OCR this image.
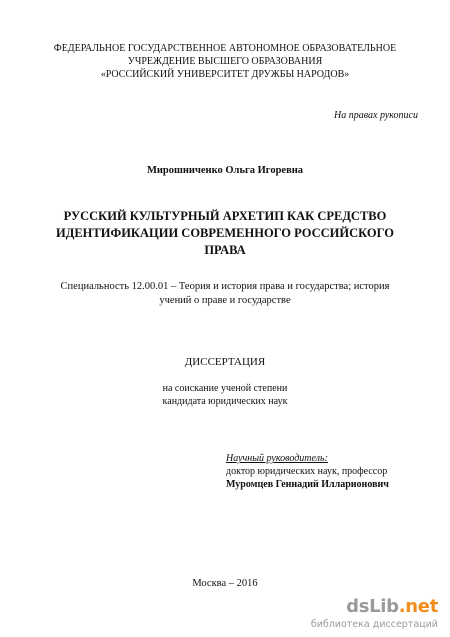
ФЕДЕРАЛЬНОЕ ГОСУДАРСТВЕННОЕ АВТОНОМНОЕ ОБРАЗОВАТЕЛЬНОЕ
УЧРЕЖДЕНИЕ ВЫСШЕГО ОБРАЗОВАНИЯ
«РОССИЙСКИЙ УНИВЕРСИТЕТ ДРУЖБЫ НАРОДОВ»
На правах рукописи
Мирошниченко Ольга Игоревна
РУССКИЙ КУЛЬТУРНЫЙ АРХЕТИП КАК СРЕДСТВО
ИДЕНТИФИКАЦИИ СОВРЕМЕННОГО РОССИЙСКОГО
ПРАВА
Специальность 12.00.01 – Теория и история права и государства; история
учений о праве и государстве
ДИССЕРТАЦИЯ
на соискание ученой степени
кандидата юридических наук
Научный руководитель:
доктор юридических наук, профессор
Муромцев Геннадий Илларионович
Москва – 2016
dsLib.net
библиотека диссертаций
